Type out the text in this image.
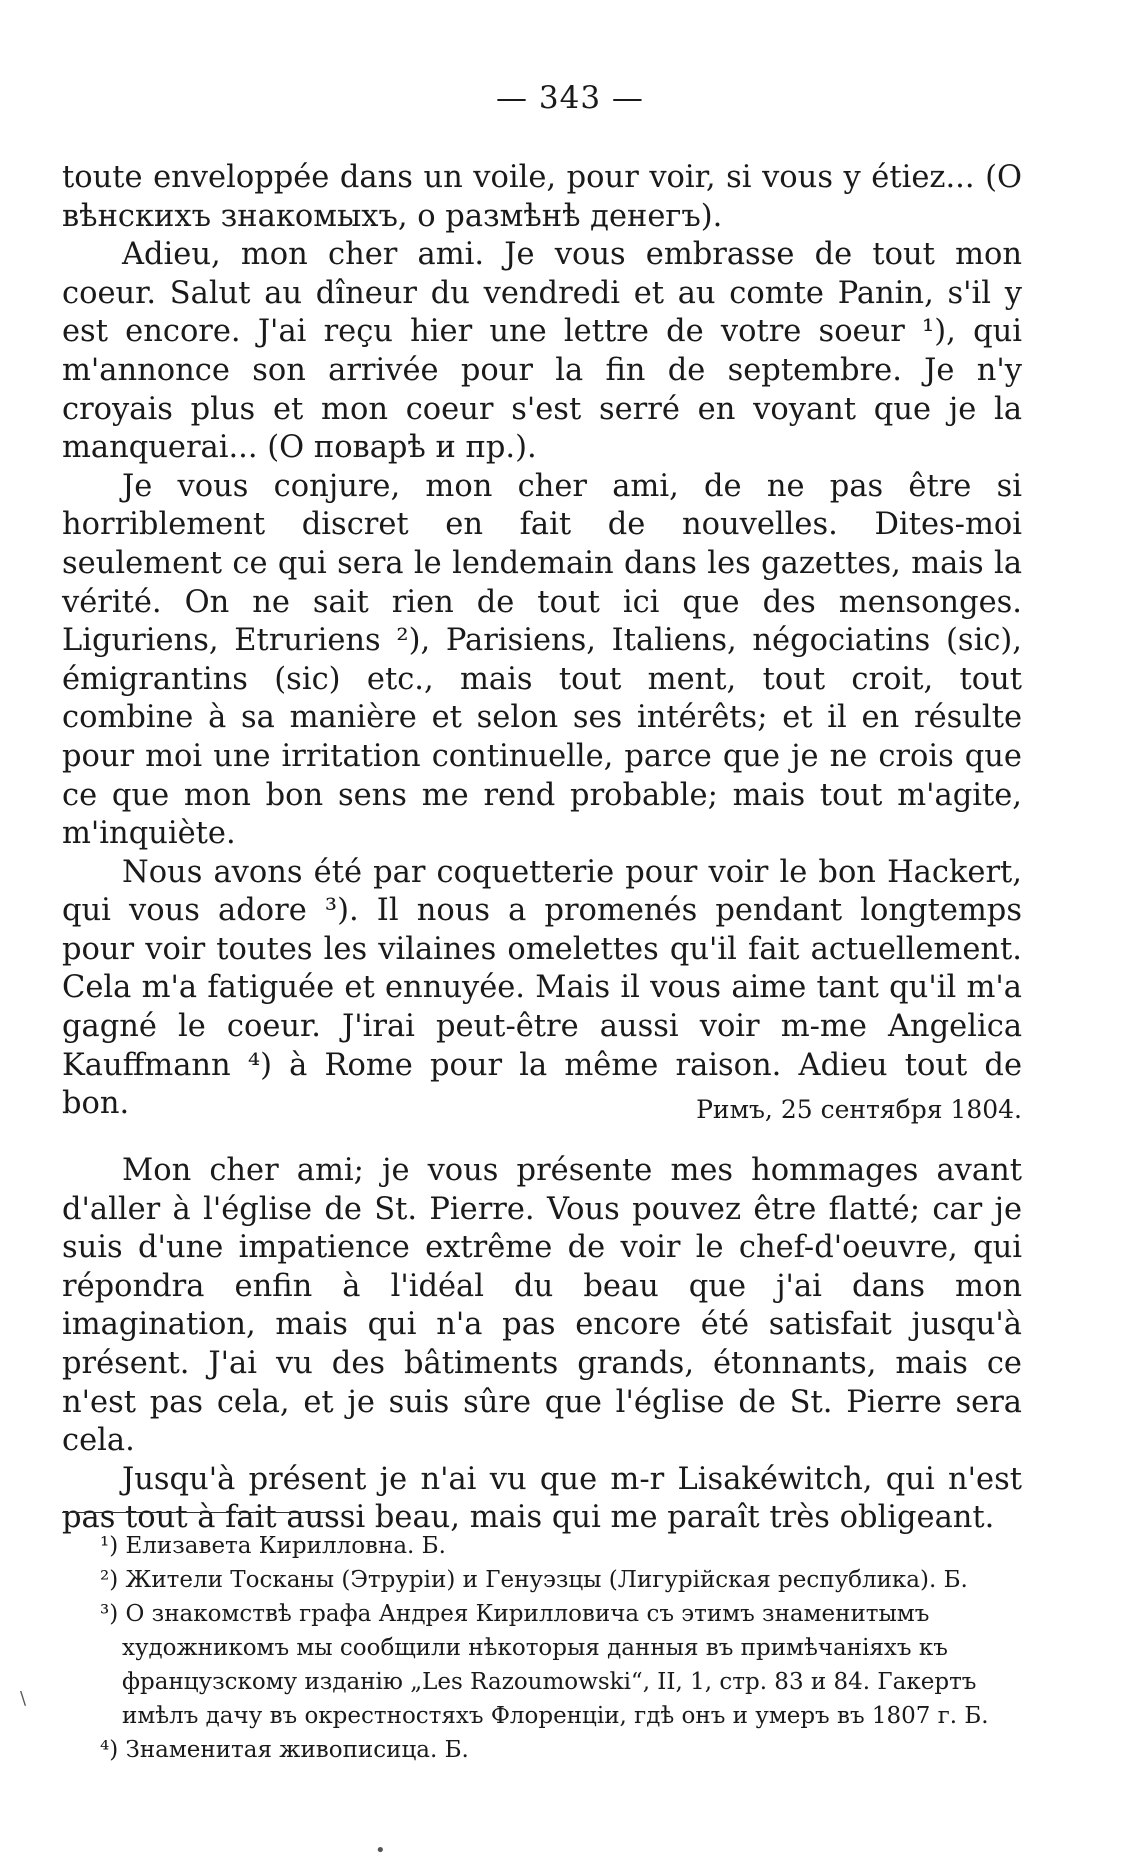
— 343 —

toute enveloppée dans un voile, pour voir, si vous y étiez... (О вѣнскихъ знакомыхъ, о размѣнѣ денегъ).

Adieu, mon cher ami. Je vous embrasse de tout mon coeur. Salut au dîneur du vendredi et au comte Panin, s'il y est encore. J'ai reçu hier une lettre de votre soeur ¹), qui m'annonce son arrivée pour la fin de septembre. Je n'y croyais plus et mon coeur s'est serré en voyant que je la manquerai... (О поварѣ и пр.).

Je vous conjure, mon cher ami, de ne pas être si horriblement discret en fait de nouvelles. Dites-moi seulement ce qui sera le lendemain dans les gazettes, mais la vérité. On ne sait rien de tout ici que des mensonges. Liguriens, Etruriens ²), Parisiens, Italiens, négociatins (sic), émigrantins (sic) etc., mais tout ment, tout croit, tout combine à sa manière et selon ses intérêts; et il en résulte pour moi une irritation continuelle, parce que je ne crois que ce que mon bon sens me rend probable; mais tout m'agite, m'inquiète.

Nous avons été par coquetterie pour voir le bon Hackert, qui vous adore ³). Il nous a promenés pendant longtemps pour voir toutes les vilaines omelettes qu'il fait actuellement. Cela m'a fatiguée et ennuyée. Mais il vous aime tant qu'il m'a gagné le coeur. J'irai peut-être aussi voir m-me Angelica Kauffmann ⁴) à Rome pour la même raison. Adieu tout de bon.	Римъ, 25 сентября 1804.

Mon cher ami; je vous présente mes hommages avant d'aller à l'église de St. Pierre. Vous pouvez être flatté; car je suis d'une impatience extrême de voir le chef-d'oeuvre, qui répondra enfin à l'idéal du beau que j'ai dans mon imagination, mais qui n'a pas encore été satisfait jusqu'à présent. J'ai vu des bâtiments grands, étonnants, mais ce n'est pas cela, et je suis sûre que l'église de St. Pierre sera cela.

Jusqu'à présent je n'ai vu que m-r Lisakéwitch, qui n'est pas tout à fait aussi beau, mais qui me paraît très obligeant.

¹) Елизавета Кирилловна. Б.

²) Жители Тосканы (Этрурiи) и Генуэзцы (Лигурiйская республика). Б.

³) О знакомствѣ графа Андрея Кирилловича съ этимъ знаменитымъ художникомъ мы сообщили нѣкоторыя данныя въ примѣчанiяхъ къ французскому изданiю „Les Razoumowski“, II, 1, стр. 83 и 84. Гакертъ имѣлъ дачу въ окрестностяхъ Флоренцiи, гдѣ онъ и умеръ въ 1807 г. Б.

⁴) Знаменитая живописица. Б.

\
•
